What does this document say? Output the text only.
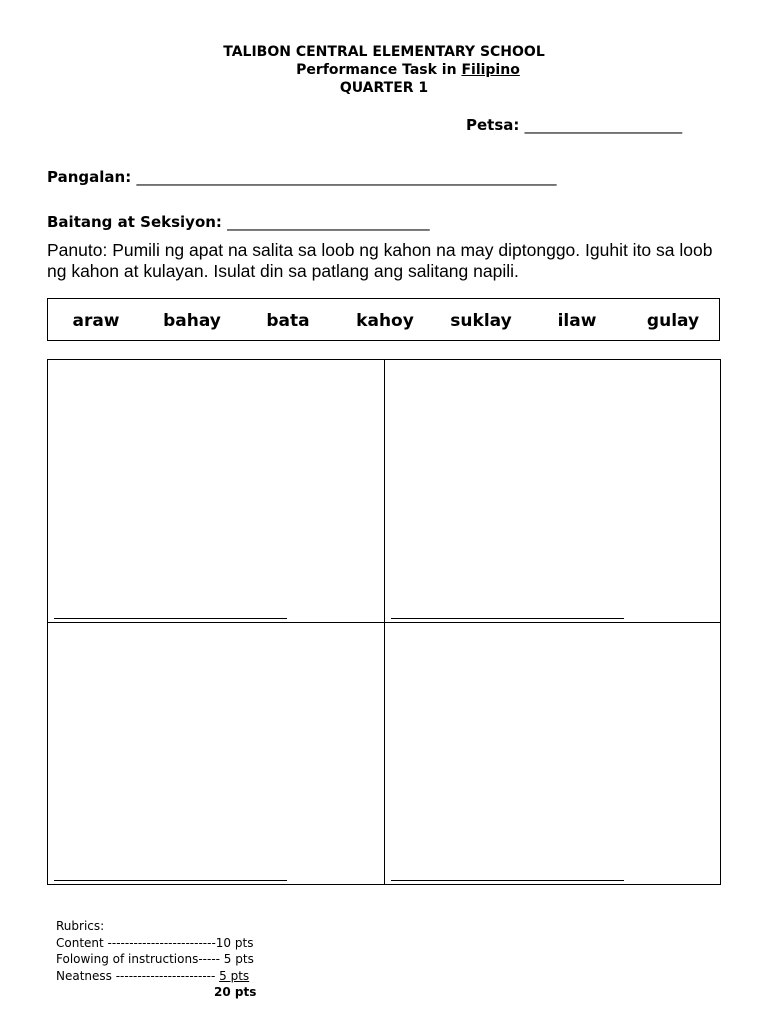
TALIBON CENTRAL ELEMENTARY SCHOOL
Performance Task in Filipino
QUARTER 1
Petsa: _____________________
Pangalan: ________________________________________________________
Baitang at Seksiyon: ___________________________
Panuto: Pumili ng apat na salita sa loob ng kahon na may diptonggo. Iguhit ito sa loob ng kahon at kulayan. Isulat din sa patlang ang salitang napili.
araw	bahay	bata	kahoy suklay	ilaw	gulay
Rubrics:
Content -------------------------10 pts
Folowing of instructions----- 5 pts
Neatness ----------------------- 5 pts
20 pts
